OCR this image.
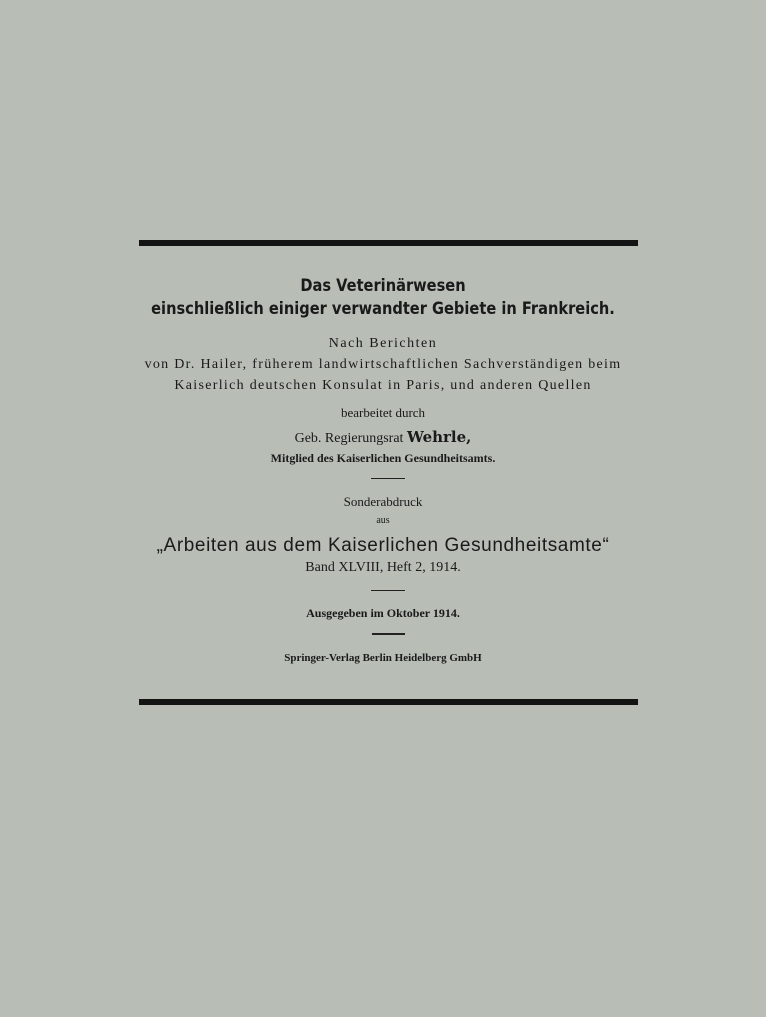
Das Veterinärwesen
einschließlich einiger verwandter Gebiete in Frankreich.
Nach Berichten
von Dr. Hailer, früherem landwirtschaftlichen Sachverständigen beim
Kaiserlich deutschen Konsulat in Paris, und anderen Quellen
bearbeitet durch
Geb. Regierungsrat Wehrle,
Mitglied des Kaiserlichen Gesundheitsamts.
Sonderabdruck
aus
„Arbeiten aus dem Kaiserlichen Gesundheitsamte“
Band XLVIII, Heft 2, 1914.
Ausgegeben im Oktober 1914.
Springer-Verlag Berlin Heidelberg GmbH
